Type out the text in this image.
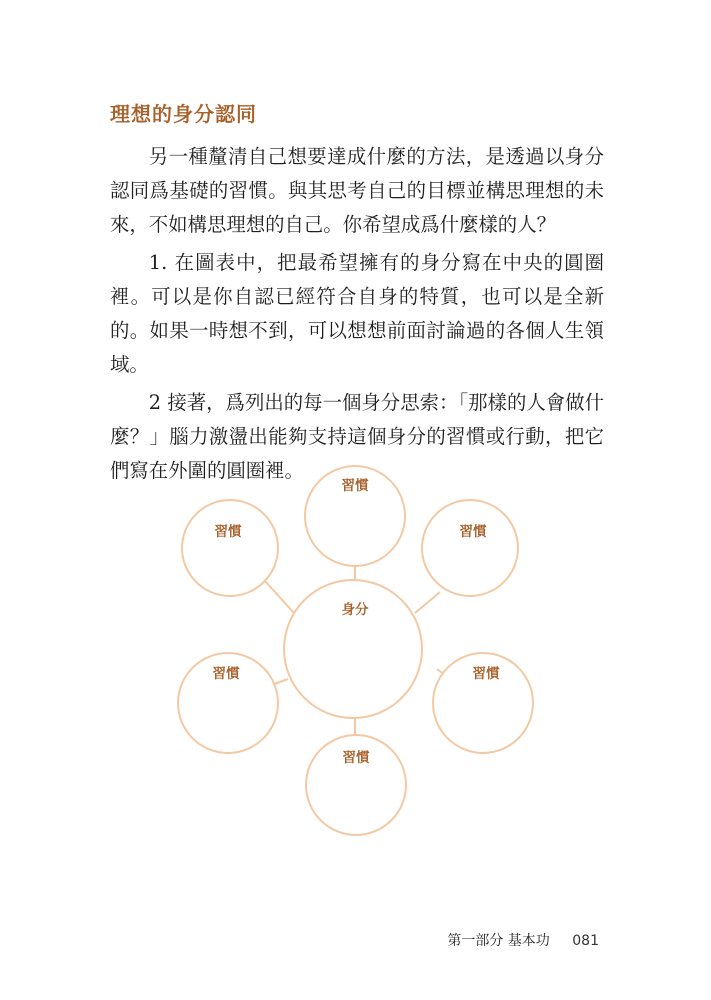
理想的身分認同

另一種釐清自己想要達成什麼的方法，是透過以身分認同爲基礎的習慣。與其思考自己的目標並構思理想的未來，不如構思理想的自己。你希望成爲什麼樣的人？

1. 在圖表中，把最希望擁有的身分寫在中央的圓圈裡。可以是你自認已經符合自身的特質，也可以是全新的。如果一時想不到，可以想想前面討論過的各個人生領域。

2 接著，爲列出的每一個身分思索：「那樣的人會做什麼？」腦力激盪出能夠支持這個身分的習慣或行動，把它們寫在外圍的圓圈裡。

習慣
習慣	習慣
身分
習慣	習慣
習慣
第一部分 基本功 081
